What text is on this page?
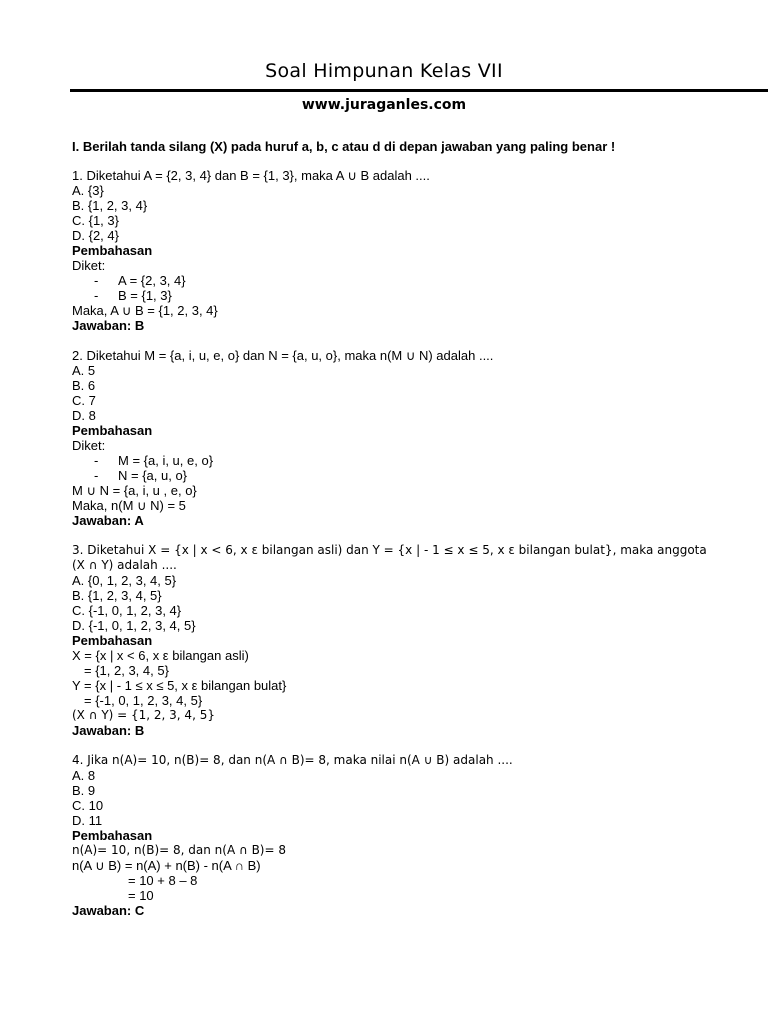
Soal Himpunan Kelas VII
www.juraganles.com
I. Berilah tanda silang (X) pada huruf a, b, c atau d di depan jawaban yang paling benar !
1. Diketahui A = {2, 3, 4} dan B = {1, 3}, maka A ∪ B adalah ....
A. {3}
B. {1, 2, 3, 4}
C. {1, 3}
D. {2, 4}
Pembahasan
Diket:
- A = {2, 3, 4}
- B = {1, 3}
Maka, A ∪ B = {1, 2, 3, 4}
Jawaban: B
2. Diketahui M = {a, i, u, e, o} dan N = {a, u, o}, maka n(M ∪ N) adalah ....
A. 5
B. 6
C. 7
D. 8
Pembahasan
Diket:
- M = {a, i, u, e, o}
- N = {a, u, o}
M ∪ N = {a, i, u , e, o}
Maka, n(M ∪ N) = 5
Jawaban: A
3. Diketahui X = {x | x < 6, x ε bilangan asli) dan Y = {x | - 1 ≤ x ≤ 5, x ε bilangan bulat}, maka anggota
(X ∩ Y) adalah ....
A. {0, 1, 2, 3, 4, 5}
B. {1, 2, 3, 4, 5}
C. {-1, 0, 1, 2, 3, 4}
D. {-1, 0, 1, 2, 3, 4, 5}
Pembahasan
X = {x | x < 6, x ε bilangan asli)
= {1, 2, 3, 4, 5}
Y = {x | - 1 ≤ x ≤ 5, x ε bilangan bulat}
= {-1, 0, 1, 2, 3, 4, 5}
(X ∩ Y) = {1, 2, 3, 4, 5}
Jawaban: B
4. Jika n(A)= 10, n(B)= 8, dan n(A ∩ B)= 8, maka nilai n(A ∪ B) adalah ....
A. 8
B. 9
C. 10
D. 11
Pembahasan
n(A)= 10, n(B)= 8, dan n(A ∩ B)= 8
n(A ∪ B) = n(A) + n(B) - n(A ∩ B)
= 10 + 8 – 8
= 10
Jawaban: C
